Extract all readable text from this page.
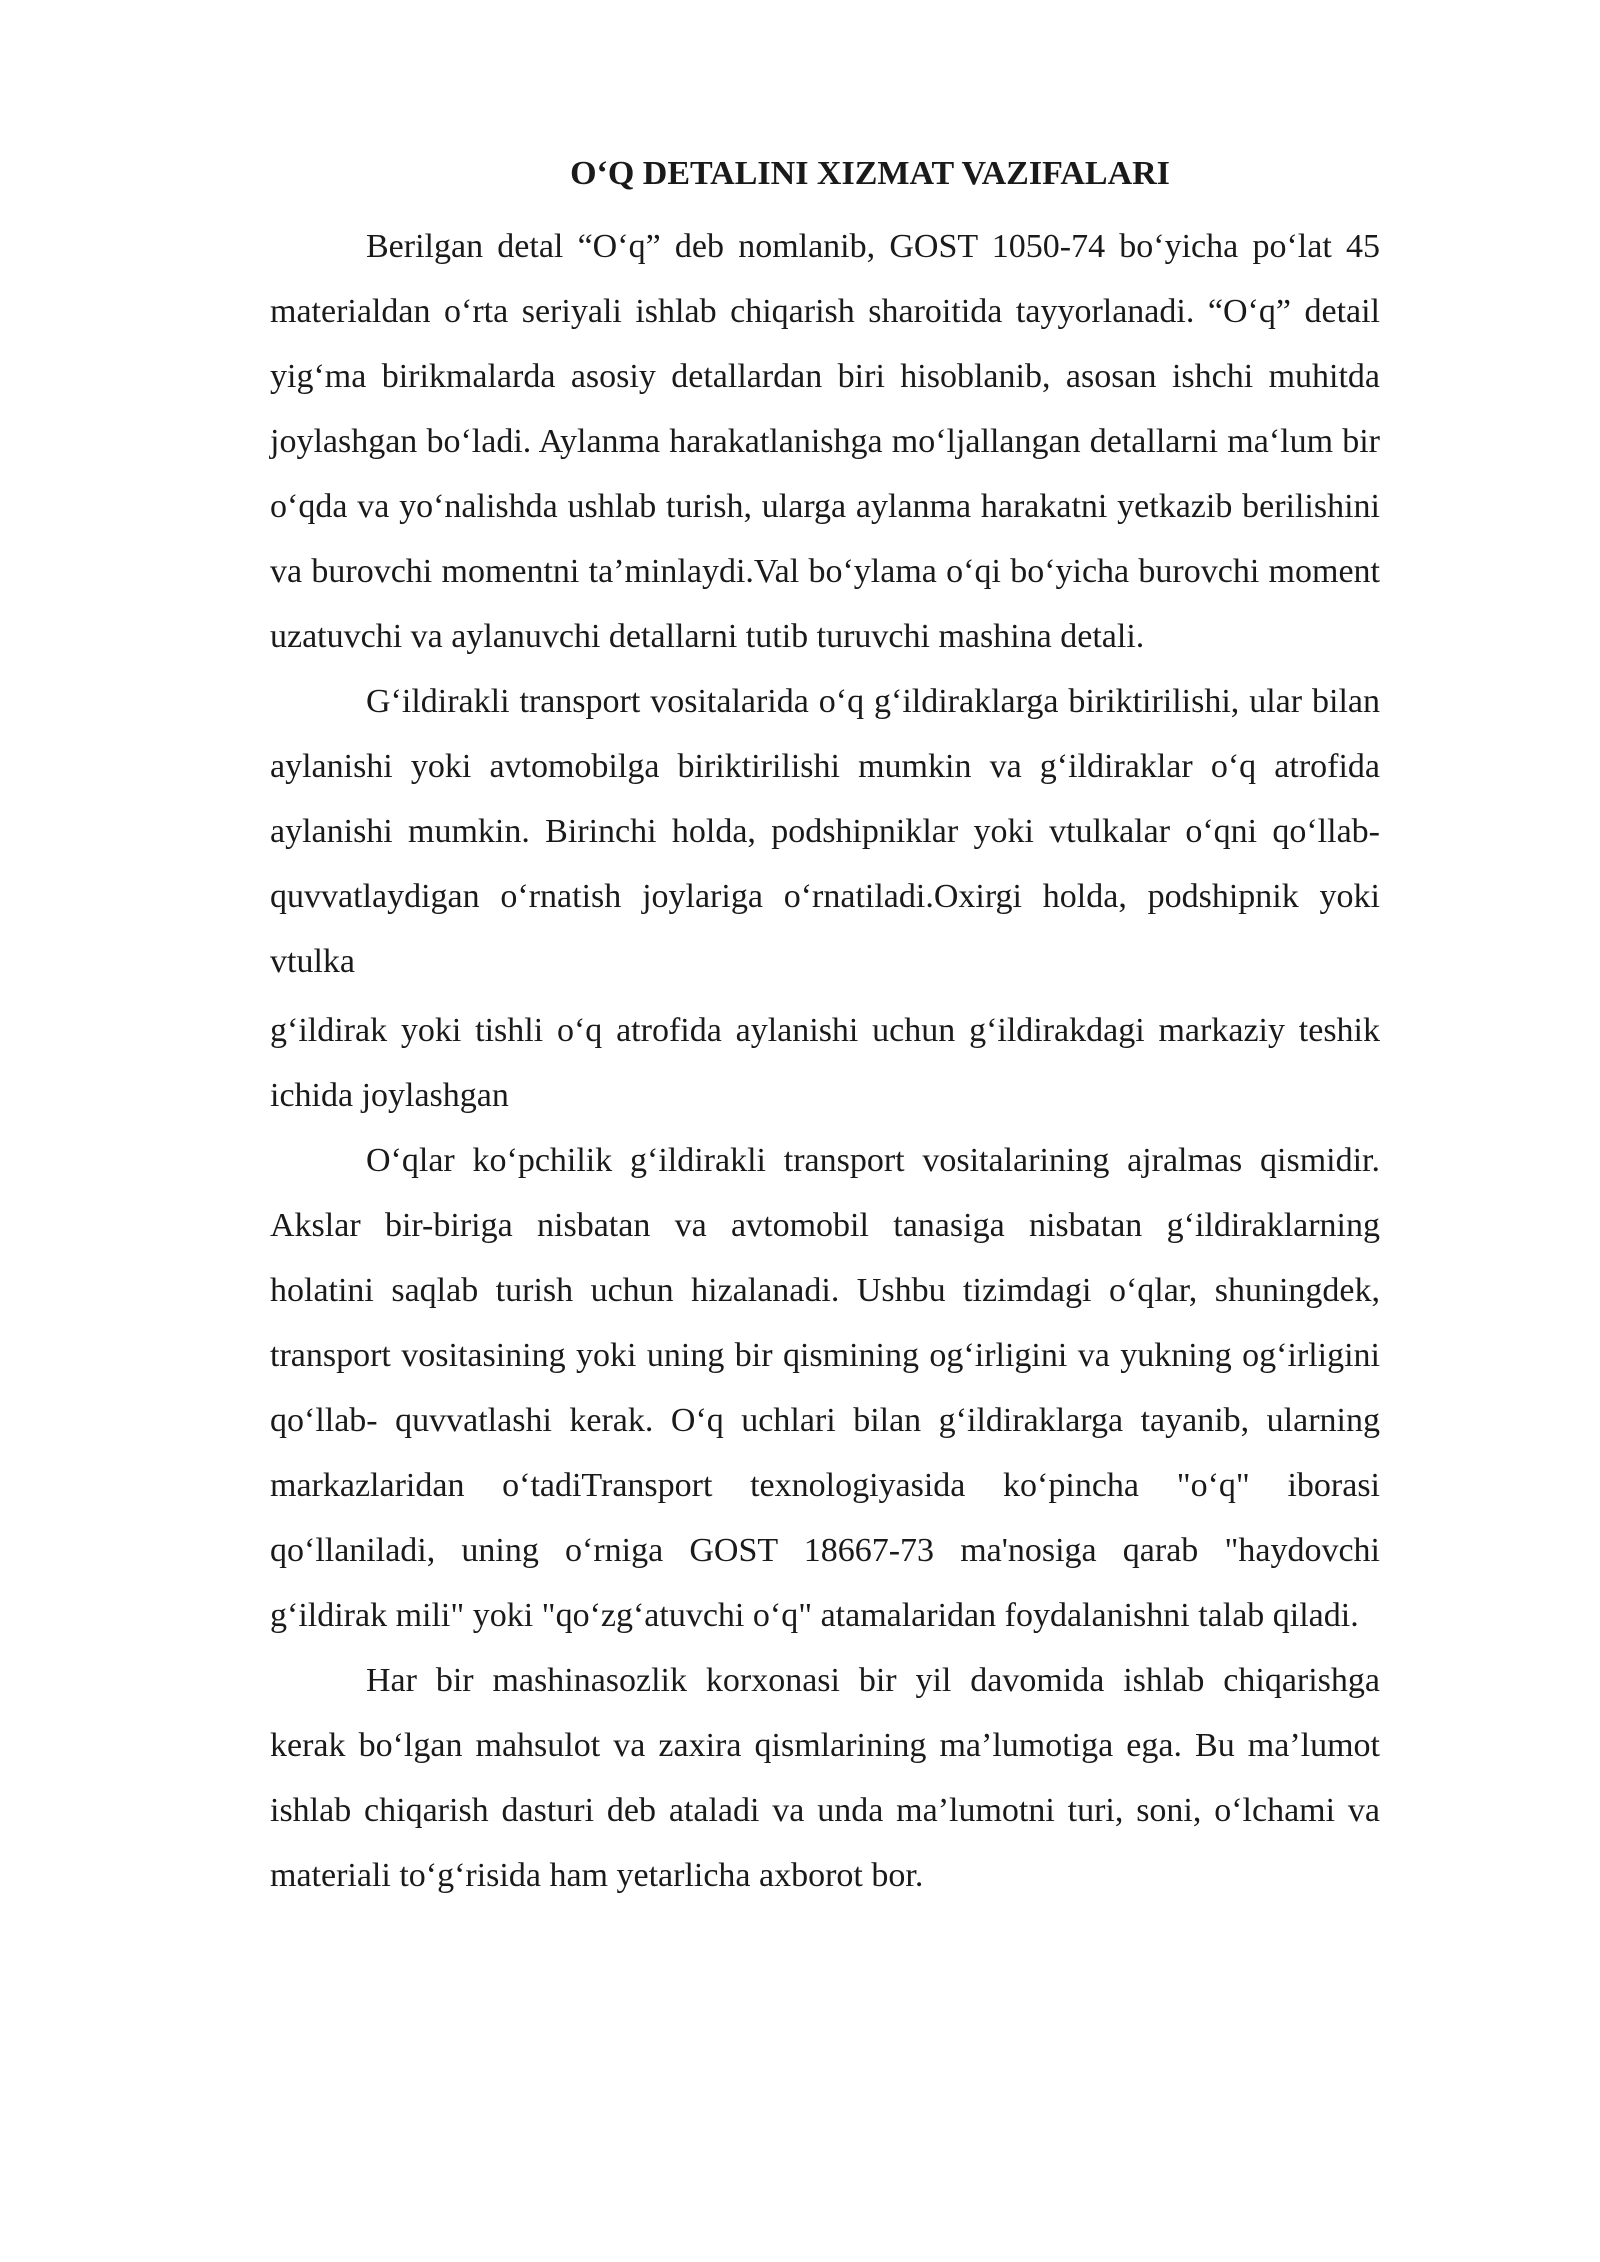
O‘Q DETALINI XIZMAT VAZIFALARI

Berilgan detal “O‘q” deb nomlanib, GOST 1050-74 bo‘yicha po‘lat 45 materialdan o‘rta seriyali ishlab chiqarish sharoitida tayyorlanadi. “O‘q” detail yig‘ma birikmalarda asosiy detallardan biri hisoblanib, asosan ishchi muhitda joylashgan bo‘ladi. Aylanma harakatlanishga mo‘ljallangan detallarni ma‘lum bir o‘qda va yo‘nalishda ushlab turish, ularga aylanma harakatni yetkazib berilishini va burovchi momentni ta’minlaydi.Val bo‘ylama o‘qi bo‘yicha burovchi moment uzatuvchi va aylanuvchi detallarni tutib turuvchi mashina detali.

G‘ildirakli transport vositalarida o‘q g‘ildiraklarga biriktirilishi, ular bilan aylanishi yoki avtomobilga biriktirilishi mumkin va g‘ildiraklar o‘q atrofida aylanishi mumkin. Birinchi holda, podshipniklar yoki vtulkalar o‘qni qo‘llab- quvvatlaydigan o‘rnatish joylariga o‘rnatiladi.Oxirgi holda, podshipnik yoki vtulka

g‘ildirak yoki tishli o‘q atrofida aylanishi uchun g‘ildirakdagi markaziy teshik ichida joylashgan

O‘qlar ko‘pchilik g‘ildirakli transport vositalarining ajralmas qismidir. Akslar bir-biriga nisbatan va avtomobil tanasiga nisbatan g‘ildiraklarning holatini saqlab turish uchun hizalanadi. Ushbu tizimdagi o‘qlar, shuningdek, transport vositasining yoki uning bir qismining og‘irligini va yukning og‘irligini qo‘llab- quvvatlashi kerak. O‘q uchlari bilan g‘ildiraklarga tayanib, ularning markazlaridan o‘tadiTransport texnologiyasida ko‘pincha "o‘q" iborasi qo‘llaniladi, uning o‘rniga GOST 18667-73 ma'nosiga qarab "haydovchi g‘ildirak mili" yoki "qo‘zg‘atuvchi o‘q" atamalaridan foydalanishni talab qiladi.

Har bir mashinasozlik korxonasi bir yil davomida ishlab chiqarishga kerak bo‘lgan mahsulot va zaxira qismlarining ma’lumotiga ega. Bu ma’lumot ishlab chiqarish dasturi deb ataladi va unda ma’lumotni turi, soni, o‘lchami va materiali to‘g‘risida ham yetarlicha axborot bor.
